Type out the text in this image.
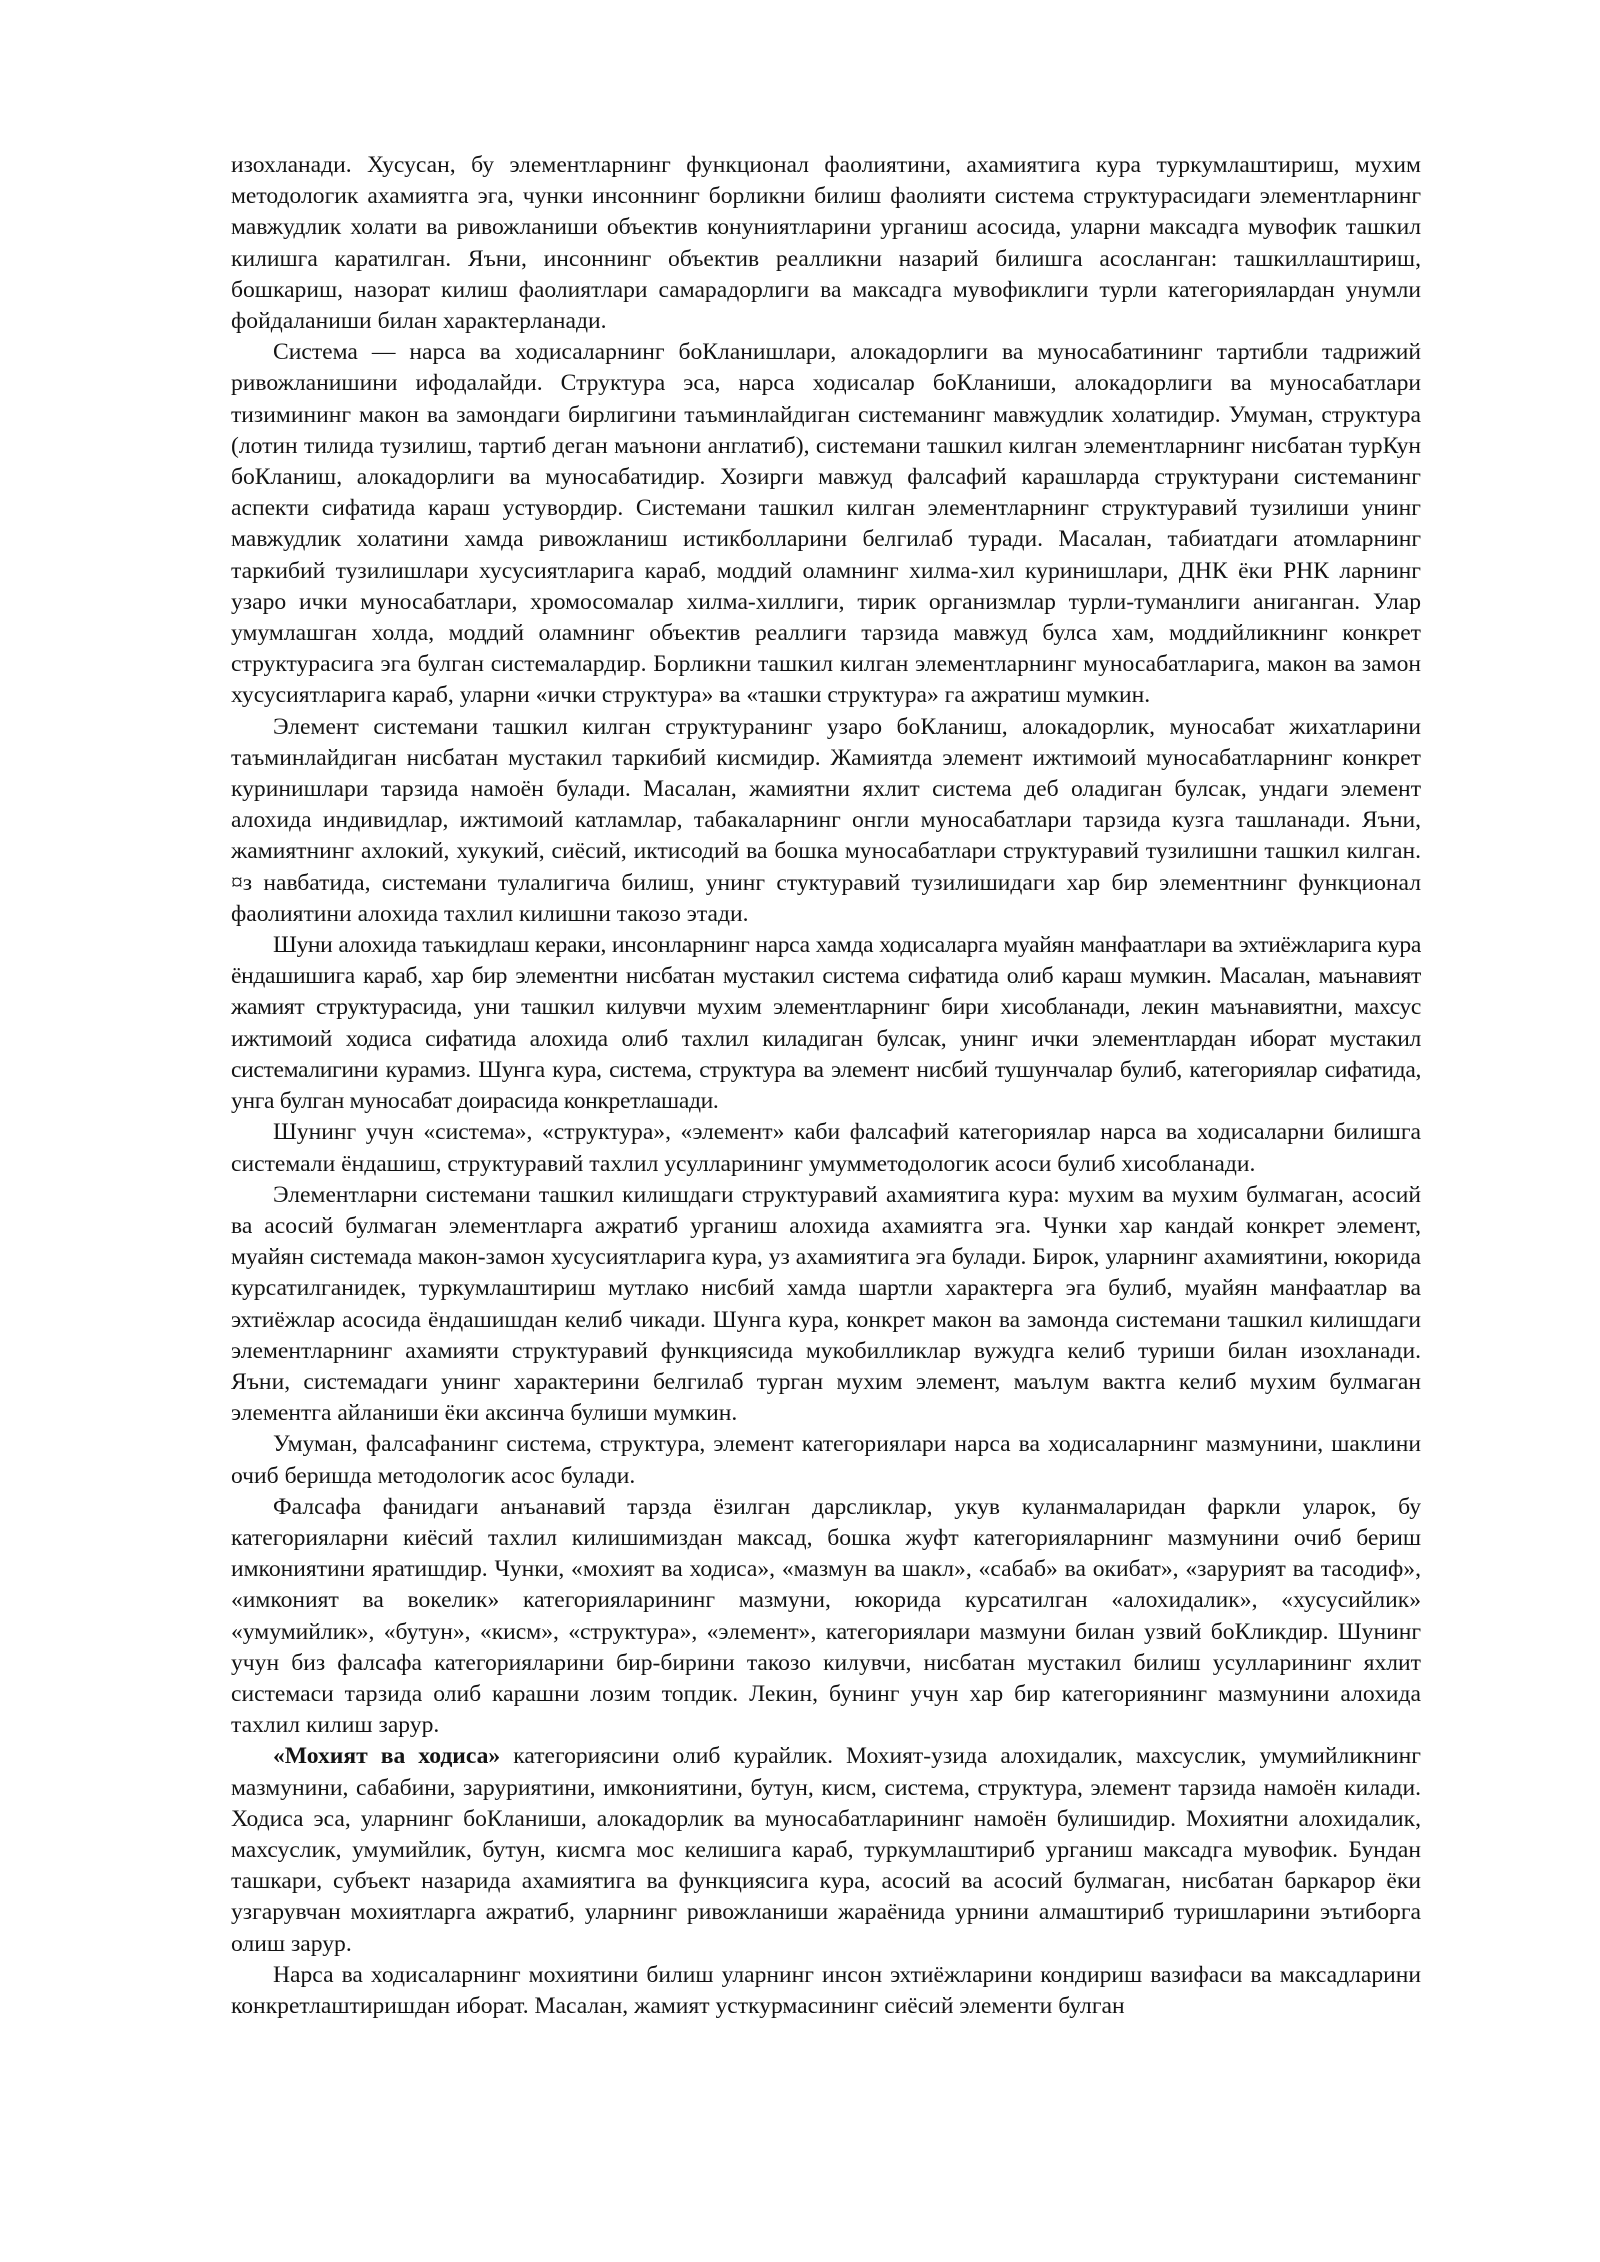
изохланади. Хусусан, бу элементларнинг функционал фаолиятини, ахамиятига кура туркумлаштириш, мухим методологик ахамиятга эга, чунки инсоннинг борликни билиш фаолияти система структурасидаги элементларнинг мавжудлик холати ва ривожланиши объектив конуниятларини урганиш асосида, уларни максадга мувофик ташкил килишга каратилган. Яъни, инсоннинг объектив реалликни назарий билишга асосланган: ташкиллаштириш, бошкариш, назорат килиш фаолиятлари самарадорлиги ва максадга мувофиклиги турли категориялардан унумли фойдаланиши билан характерланади.

Система — нарса ва ходисаларнинг боКланишлари, алокадорлиги ва муносабатининг тартибли тадрижий ривожланишини ифодалайди. Структура эса, нарса ходисалар боКланиши, алокадорлиги ва муносабатлари тизимининг макон ва замондаги бирлигини таъминлайдиган системанинг мавжудлик холатидир. Умуман, структура (лотин тилида тузилиш, тартиб деган маънони англатиб), системани ташкил килган элементларнинг нисбатан турКун боКланиш, алокадорлиги ва муносабатидир. Хозирги мавжуд фалсафий карашларда структурани системанинг аспекти сифатида караш устувордир. Системани ташкил килган элементларнинг структуравий тузилиши унинг мавжудлик холатини хамда ривожланиш истикболларини белгилаб туради. Масалан, табиатдаги атомларнинг таркибий тузилишлари хусусиятларига караб, моддий оламнинг хилма-хил куринишлари, ДНК ёки РНК ларнинг узаро ички муносабатлари, хромосомалар хилма-хиллиги, тирик организмлар турли-туманлиги аниганган. Улар умумлашган холда, моддий оламнинг объектив реаллиги тарзида мавжуд булса хам, моддийликнинг конкрет структурасига эга булган системалардир. Борликни ташкил килган элементларнинг муносабатларига, макон ва замон хусусиятларига караб, уларни «ички структура» ва «ташки структура» га ажратиш мумкин.

Элемент системани ташкил килган структуранинг узаро боКланиш, алокадорлик, муносабат жихатларини таъминлайдиган нисбатан мустакил таркибий кисмидир. Жамиятда элемент ижтимоий муносабатларнинг конкрет куринишлари тарзида намоён булади. Масалан, жамиятни яхлит система деб оладиган булсак, ундаги элемент алохида индивидлар, ижтимоий катламлар, табакаларнинг онгли муносабатлари тарзида кузга ташланади. Яъни, жамиятнинг ахлокий, хукукий, сиёсий, иктисодий ва бошка муносабатлари структуравий тузилишни ташкил килган. ¤з навбатида, системани тулалигича билиш, унинг стуктуравий тузилишидаги хар бир элементнинг функционал фаолиятини алохида тахлил килишни такозо этади.

Шуни алохида таъкидлаш кераки, инсонларнинг нарса хамда ходисаларга муайян манфаатлари ва эхтиёжларига кура ёндашишига караб, хар бир элементни нисбатан мустакил система сифатида олиб караш мумкин. Масалан, маънавият жамият структурасида, уни ташкил килувчи мухим элементларнинг бири хисобланади, лекин маънавиятни, махсус ижтимоий ходиса сифатида алохида олиб тахлил киладиган булсак, унинг ички элементлардан иборат мустакил системалигини курамиз. Шунга кура, система, структура ва элемент нисбий тушунчалар булиб, категориялар сифатида, унга булган муносабат доирасида конкретлашади.

Шунинг учун «система», «структура», «элемент» каби фалсафий категориялар нарса ва ходисаларни билишга системали ёндашиш, структуравий тахлил усулларининг умумметодологик асоси булиб хисобланади.

Элементларни системани ташкил килишдаги структуравий ахамиятига кура: мухим ва мухим булмаган, асосий ва асосий булмаган элементларга ажратиб урганиш алохида ахамиятга эга. Чунки хар кандай конкрет элемент, муайян системада макон-замон хусусиятларига кура, уз ахамиятига эга булади. Бирок, уларнинг ахамиятини, юкорида курсатилганидек, туркумлаштириш мутлако нисбий хамда шартли характерга эга булиб, муайян манфаатлар ва эхтиёжлар асосида ёндашишдан келиб чикади. Шунга кура, конкрет макон ва замонда системани ташкил килишдаги элементларнинг ахамияти структуравий функциясида мукобилликлар вужудга келиб туриши билан изохланади. Яъни, системадаги унинг характерини белгилаб турган мухим элемент, маълум вактга келиб мухим булмаган элементга айланиши ёки аксинча булиши мумкин.

Умуман, фалсафанинг система, структура, элемент категориялари нарса ва ходисаларнинг мазмунини, шаклини очиб беришда методологик асос булади.

Фалсафа фанидаги анъанавий тарзда ёзилган дарсликлар, укув куланмаларидан фаркли уларок, бу категорияларни киёсий тахлил килишимиздан максад, бошка жуфт категорияларнинг мазмунини очиб бериш имкониятини яратишдир. Чунки, «мохият ва ходиса», «мазмун ва шакл», «сабаб» ва окибат», «зарурият ва тасодиф», «имконият ва вокелик» категорияларининг мазмуни, юкорида курсатилган «алохидалик», «хусусийлик» «умумийлик», «бутун», «кисм», «структура», «элемент», категориялари мазмуни билан узвий боКликдир. Шунинг учун биз фалсафа категорияларини бир-бирини такозо килувчи, нисбатан мустакил билиш усулларининг яхлит системаси тарзида олиб карашни лозим топдик. Лекин, бунинг учун хар бир категориянинг мазмунини алохида тахлил килиш зарур.

«Мохият ва ходиса» категориясини олиб курайлик. Мохият-узида алохидалик, махсуслик, умумийликнинг мазмунини, сабабини, заруриятини, имкониятини, бутун, кисм, система, структура, элемент тарзида намоён килади. Ходиса эса, уларнинг боКланиши, алокадорлик ва муносабатларининг намоён булишидир. Мохиятни алохидалик, махсуслик, умумийлик, бутун, кисмга мос келишига караб, туркумлаштириб урганиш максадга мувофик. Бундан ташкари, субъект назарида ахамиятига ва функциясига кура, асосий ва асосий булмаган, нисбатан баркарор ёки узгарувчан мохиятларга ажратиб, уларнинг ривожланиши жараёнида урнини алмаштириб туришларини эътиборга олиш зарур.

Нарса ва ходисаларнинг мохиятини билиш уларнинг инсон эхтиёжларини кондириш вазифаси ва максадларини конкретлаштиришдан иборат. Масалан, жамият усткурмасининг сиёсий элементи булган
